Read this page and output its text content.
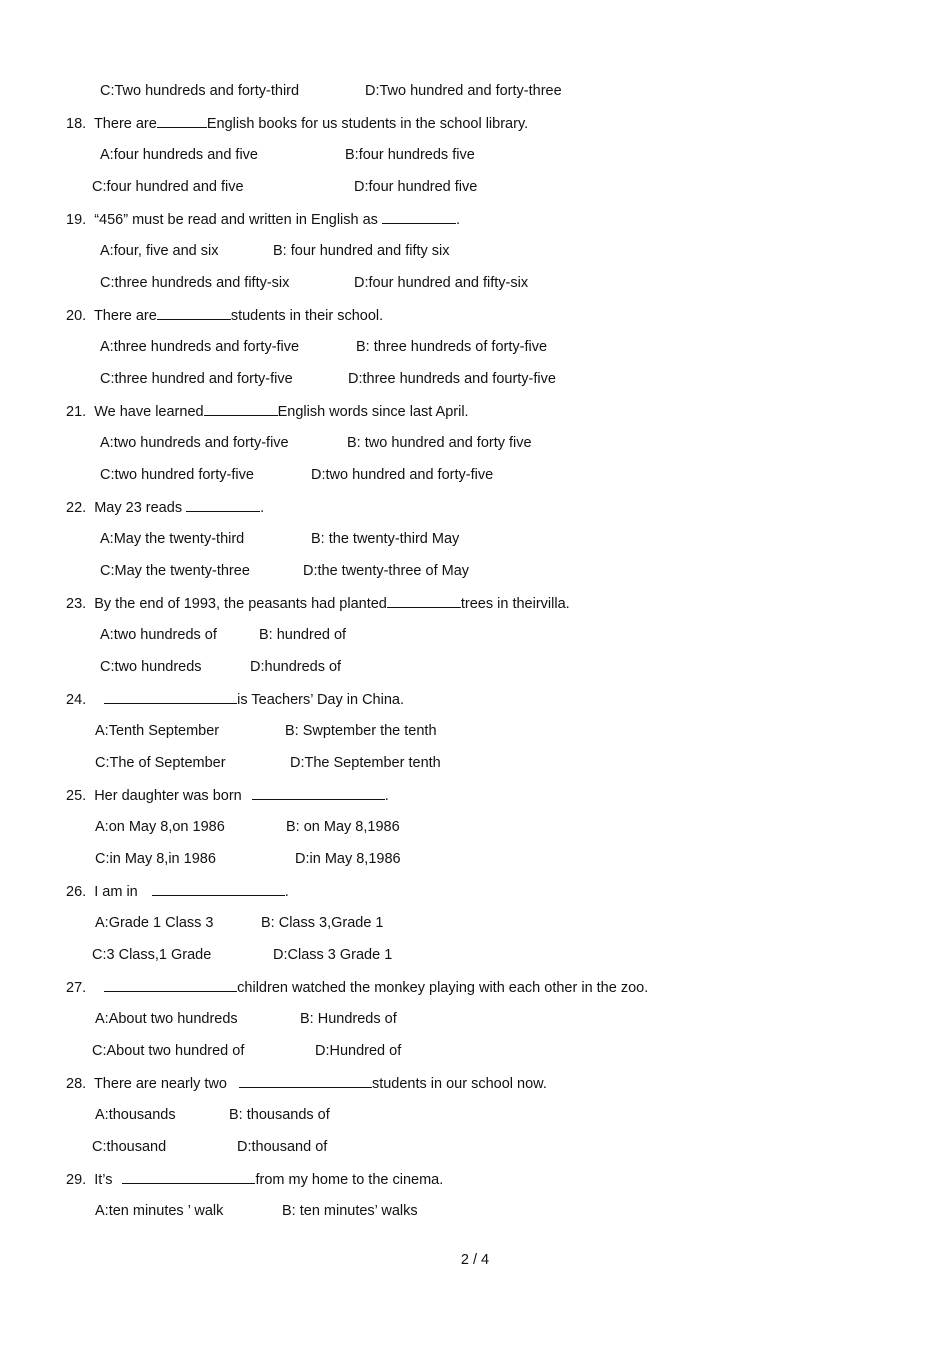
C:Two hundreds and forty-third	D:Two hundred and forty-three
18.  There are	English books for us students in the school library.
A:four hundreds and five	B:four hundreds five
C:four hundred and five	D:four hundred five
19.  “456” must be read and written in English as	.
A:four, five and six	B: four hundred and fifty six
C:three hundreds and fifty-six	D:four hundred and fifty-six
20.  There are	students in their school.
A:three hundreds and forty-five	B: three hundreds of forty-five
C:three hundred and forty-five	D:three hundreds and fourty-five
21.  We have learned	English words since last April.
A:two hundreds and forty-five	B: two hundred and forty five
C:two hundred forty-five	D:two hundred and forty-five
22.  May 23 reads	.
A:May the twenty-third	B: the twenty-third May
C:May the twenty-three	D:the twenty-three of May
23.  By the end of 1993, the peasants had planted	trees in theirvilla.
A:two hundreds of	B: hundred of
C:two hundreds	D:hundreds of
24.	is Teachers’ Day in China.
A:Tenth September	B: Swptember the tenth
C:The of September	D:The September tenth
25.  Her daughter was born	.
A:on May 8,on 1986	B: on May 8,1986
C:in May 8,in 1986	D:in May 8,1986
26.  I am in	.
A:Grade 1 Class 3	B: Class 3,Grade 1
C:3 Class,1 Grade	D:Class 3 Grade 1
27.	children watched the monkey playing with each other in the zoo.
A:About two hundreds	B: Hundreds of
C:About two hundred of	D:Hundred of
28.  There are nearly two	students in our school now.
A:thousands	B: thousands of
C:thousand	D:thousand of
29.  It’s	from my home to the cinema.
A:ten minutes ’ walk	B: ten minutes’ walks
2 / 4
